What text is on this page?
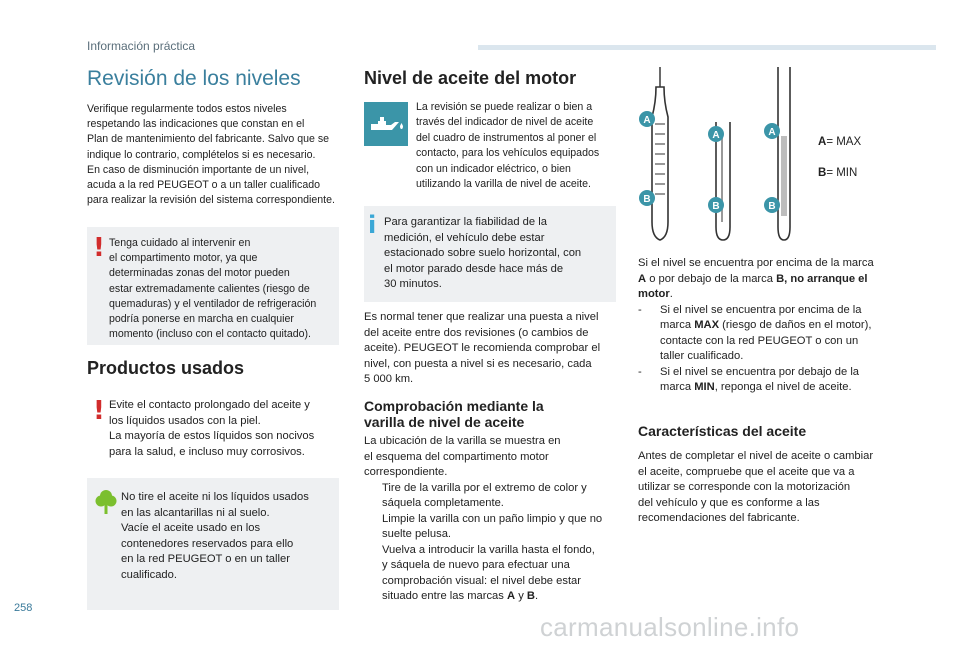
Información práctica
Revisión de los niveles

Verifique regularmente todos estos niveles
respetando las indicaciones que constan en el
Plan de mantenimiento del fabricante. Salvo que se
indique lo contrario, complételos si es necesario.
En caso de disminución importante de un nivel,
acuda a la red PEUGEOT o a un taller cualificado
para realizar la revisión del sistema correspondiente.

! Tenga cuidado al intervenir en
el compartimento motor, ya que
determinadas zonas del motor pueden
estar extremadamente calientes (riesgo de
quemaduras) y el ventilador de refrigeración
podría ponerse en marcha en cualquier
momento (incluso con el contacto quitado).

Productos usados
! Evite el contacto prolongado del aceite y
los líquidos usados con la piel.
La mayoría de estos líquidos son nocivos
para la salud, e incluso muy corrosivos.

No tire el aceite ni los líquidos usados
en las alcantarillas ni al suelo.
Vacíe el aceite usado en los
contenedores reservados para ello
en la red PEUGEOT o en un taller
cualificado.

Nivel de aceite del motor

La revisión se puede realizar o bien a
través del indicador de nivel de aceite
del cuadro de instrumentos al poner el
contacto, para los vehículos equipados
con un indicador eléctrico, o bien
utilizando la varilla de nivel de aceite.

i Para garantizar la fiabilidad de la
medición, el vehículo debe estar
estacionado sobre suelo horizontal, con
el motor parado desde hace más de
30 minutos.

Es normal tener que realizar una puesta a nivel
del aceite entre dos revisiones (o cambios de
aceite). PEUGEOT le recomienda comprobar el
nivel, con puesta a nivel si es necesario, cada
5 000 km.

Comprobación mediante la
varilla de nivel de aceite

La ubicación de la varilla se muestra en
el esquema del compartimento motor
correspondiente.

Tire de la varilla por el extremo de color y
sáquela completamente.
Limpie la varilla con un paño limpio y que no
suelte pelusa.
Vuelva a introducir la varilla hasta el fondo,
y sáquela de nuevo para efectuar una
comprobación visual: el nivel debe estar
situado entre las marcas A y B.
A
B
A
B
A
B
A= MAX
B= MIN

Si el nivel se encuentra por encima de la marca

A o por debajo de la marca B, no arranque el

motor.

- Si el nivel se encuentra por encima de la
marca MAX (riesgo de daños en el motor),
contacte con la red PEUGEOT o con un
taller cualificado.
- Si el nivel se encuentra por debajo de la
marca MIN, reponga el nivel de aceite.

Características del aceite

Antes de completar el nivel de aceite o cambiar
el aceite, compruebe que el aceite que va a
utilizar se corresponde con la motorización
del vehículo y que es conforme a las
recomendaciones del fabricante.

258
carmanualsonline.info
